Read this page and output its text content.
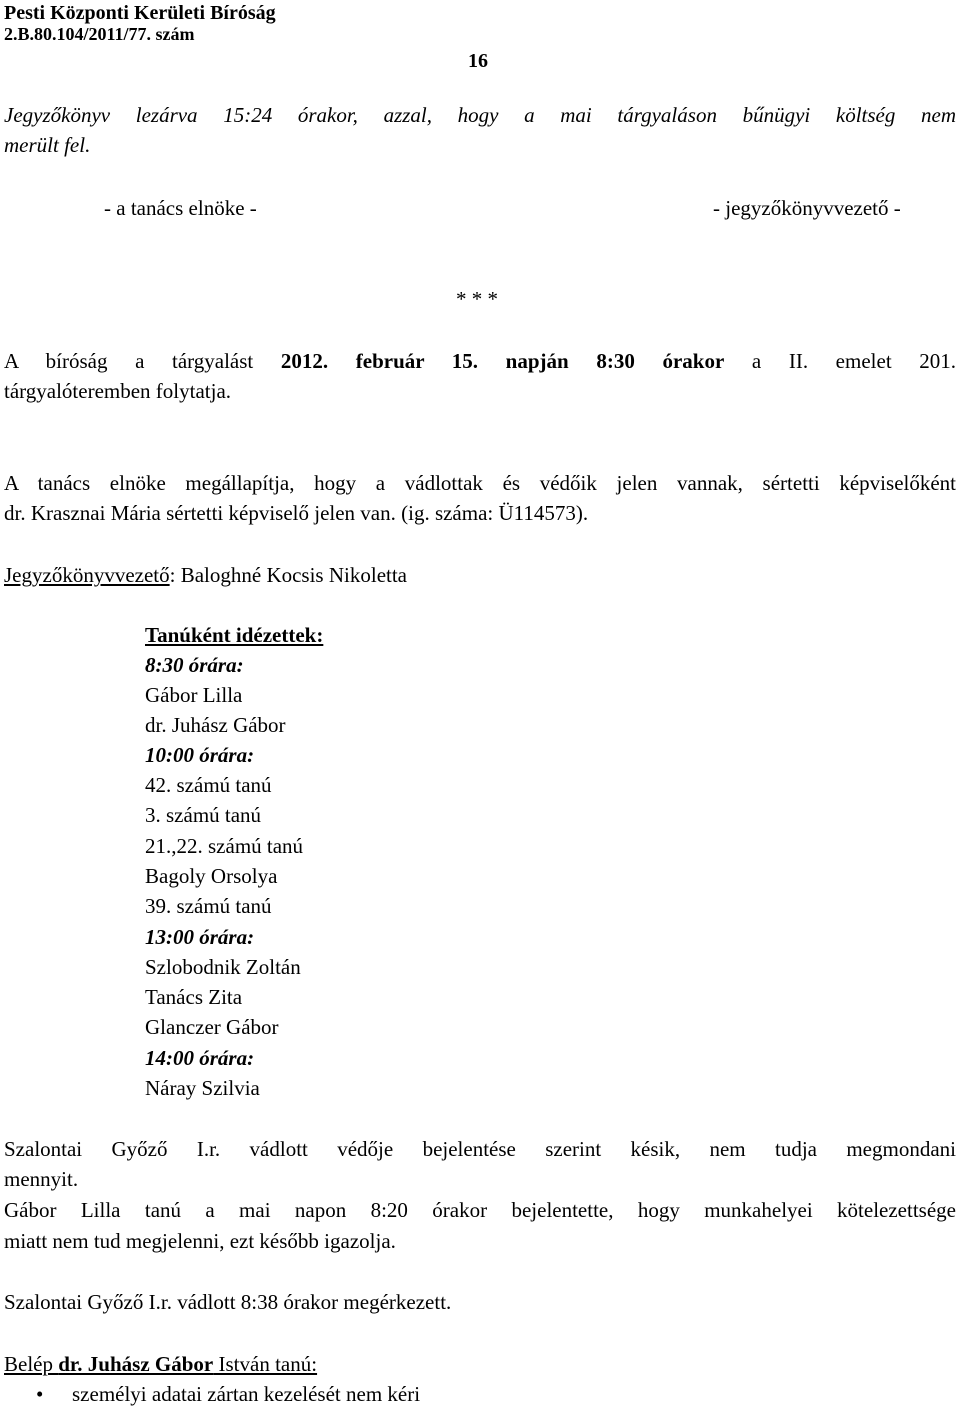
Pesti Központi Kerületi Bíróság
2.B.80.104/2011/77. szám
16
Jegyzőkönyv lezárva 15:24 órakor, azzal, hogy a mai tárgyaláson bűnügyi költség nem
merült fel.
- a tanács elnöke -	- jegyzőkönyvvezető -
* * *
A bíróság a tárgyalást 2012. február 15. napján 8:30 órakor a II. emelet 201.
tárgyalóteremben folytatja.
A tanács elnöke megállapítja, hogy a vádlottak és védőik jelen vannak, sértetti képviselőként
dr. Krasznai Mária sértetti képviselő jelen van. (ig. száma: Ü114573).
Jegyzőkönyvvezető: Baloghné Kocsis Nikoletta
Tanúként idézettek:
8:30 órára:
Gábor Lilla
dr. Juhász Gábor
10:00 órára:
42. számú tanú
3. számú tanú
21.,22. számú tanú
Bagoly Orsolya
39. számú tanú
13:00 órára:
Szlobodnik Zoltán
Tanács Zita
Glanczer Gábor
14:00 órára:
Náray Szilvia
Szalontai Győző I.r. vádlott védője bejelentése szerint késik, nem tudja megmondani
mennyit.
Gábor Lilla tanú a mai napon 8:20 órakor bejelentette, hogy munkahelyei kötelezettsége
miatt nem tud megjelenni, ezt később igazolja.
Szalontai Győző I.r. vádlott 8:38 órakor megérkezett.
Belép dr. Juhász Gábor István tanú:
• személyi adatai zártan kezelését nem kéri
